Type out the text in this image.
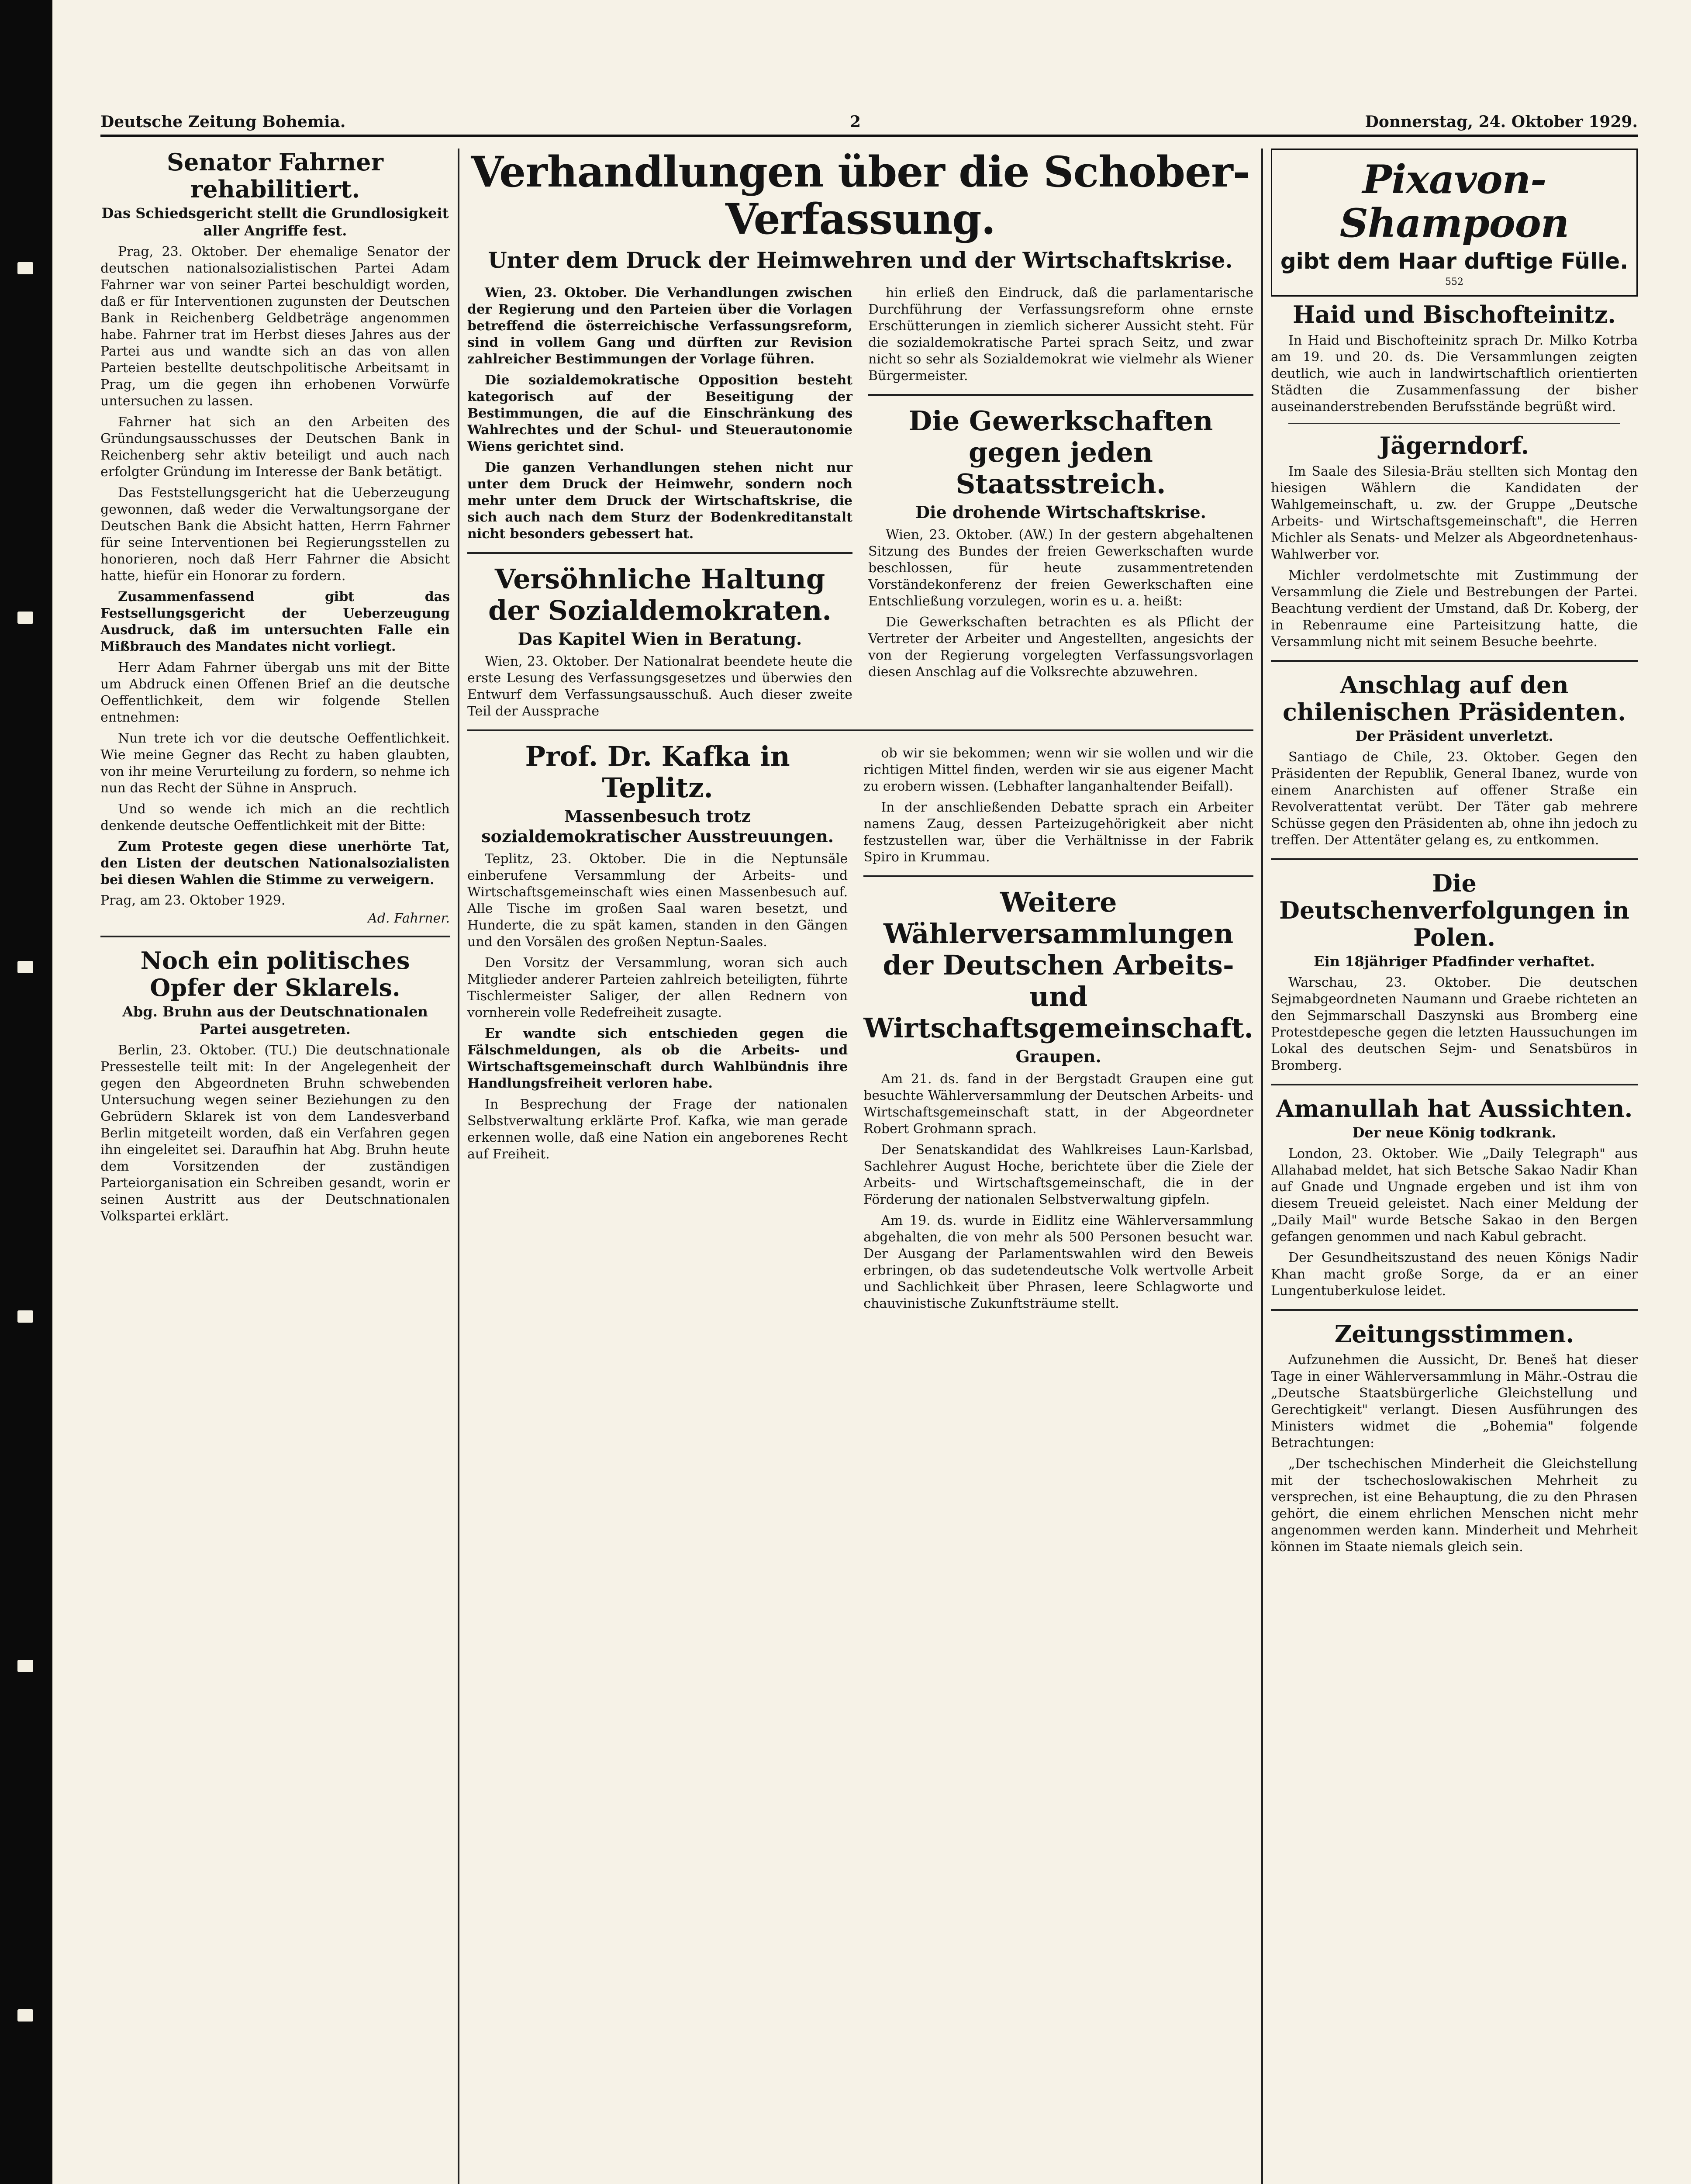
Deutsche Zeitung Bohemia.	2	Donnerstag, 24. Oktober 1929.
Senator Fahrner rehabilitiert.
Das Schiedsgericht stellt die Grundlosigkeit aller Angriffe fest.

Prag, 23. Oktober. Der ehemalige Senator der deutschen nationalsozialistischen Partei Adam Fahrner war von seiner Partei beschuldigt worden, daß er für Interventionen zugunsten der Deutschen Bank in Reichenberg Geldbeträge angenommen habe. Fahrner trat im Herbst dieses Jahres aus der Partei aus und wandte sich an das von allen Parteien bestellte deutschpolitische Arbeitsamt in Prag, um die gegen ihn erhobenen Vorwürfe untersuchen zu lassen.

Fahrner hat sich an den Arbeiten des Gründungsausschusses der Deutschen Bank in Reichenberg sehr aktiv beteiligt und auch nach erfolgter Gründung im Interesse der Bank betätigt.

Das Feststellungsgericht hat die Ueberzeugung gewonnen, daß weder die Verwaltungsorgane der Deutschen Bank die Absicht hatten, Herrn Fahrner für seine Interventionen bei Regierungsstellen zu honorieren, noch daß Herr Fahrner die Absicht hatte, hiefür ein Honorar zu fordern.

Zusammenfassend gibt das Festsellungsgericht der Ueberzeugung Ausdruck, daß im untersuchten Falle ein Mißbrauch des Mandates nicht vorliegt.

Herr Adam Fahrner übergab uns mit der Bitte um Abdruck einen Offenen Brief an die deutsche Oeffentlichkeit, dem wir folgende Stellen entnehmen:

Nun trete ich vor die deutsche Oeffentlichkeit. Wie meine Gegner das Recht zu haben glaubten, von ihr meine Verurteilung zu fordern, so nehme ich nun das Recht der Sühne in Anspruch.

Und so wende ich mich an die rechtlich denkende deutsche Oeffentlichkeit mit der Bitte:

Zum Proteste gegen diese unerhörte Tat, den Listen der deutschen Nationalsozialisten bei diesen Wahlen die Stimme zu verweigern.

Prag, am 23. Oktober 1929.
Ad. Fahrner.
Noch ein politisches Opfer der Sklarels.
Abg. Bruhn aus der Deutschnationalen Partei ausgetreten.

Berlin, 23. Oktober. (TU.) Die deutschnationale Pressestelle teilt mit: In der Angelegenheit der gegen den Abgeordneten Bruhn schwebenden Untersuchung wegen seiner Beziehungen zu den Gebrüdern Sklarek ist von dem Landesverband Berlin mitgeteilt worden, daß ein Verfahren gegen ihn eingeleitet sei. Daraufhin hat Abg. Bruhn heute dem Vorsitzenden der zuständigen Parteiorganisation ein Schreiben gesandt, worin er seinen Austritt aus der Deutschnationalen Volkspartei erklärt.

Verhandlungen über die Schober-Verfassung.
Unter dem Druck der Heimwehren und der Wirtschaftskrise.

Wien, 23. Oktober. Die Verhandlungen zwischen der Regierung und den Parteien über die Vorlagen betreffend die österreichische Verfassungsreform, sind in vollem Gang und dürften zur Revision zahlreicher Bestimmungen der Vorlage führen.

Die sozialdemokratische Opposition besteht kategorisch auf der Beseitigung der Bestimmungen, die auf die Einschränkung des Wahlrechtes und der Schul- und Steuerautonomie Wiens gerichtet sind.

Die ganzen Verhandlungen stehen nicht nur unter dem Druck der Heimwehr, sondern noch mehr unter dem Druck der Wirtschaftskrise, die sich auch nach dem Sturz der Bodenkreditanstalt nicht besonders gebessert hat.

Versöhnliche Haltung der Sozialdemokraten.
Das Kapitel Wien in Beratung.

Wien, 23. Oktober. Der Nationalrat beendete heute die erste Lesung des Verfassungsgesetzes und überwies den Entwurf dem Verfassungsausschuß. Auch dieser zweite Teil der Aussprache

hin erließ den Eindruck, daß die parlamentarische Durchführung der Verfassungsreform ohne ernste Erschütterungen in ziemlich sicherer Aussicht steht. Für die sozialdemokratische Partei sprach Seitz, und zwar nicht so sehr als Sozialdemokrat wie vielmehr als Wiener Bürgermeister.

Die Gewerkschaften gegen jeden Staatsstreich.
Die drohende Wirtschaftskrise.

Wien, 23. Oktober. (AW.) In der gestern abgehaltenen Sitzung des Bundes der freien Gewerkschaften wurde beschlossen, für heute zusammentretenden Vorständekonferenz der freien Gewerkschaften eine Entschließung vorzulegen, worin es u. a. heißt:

Die Gewerkschaften betrachten es als Pflicht der Vertreter der Arbeiter und Angestellten, angesichts der von der Regierung vorgelegten Verfassungsvorlagen diesen Anschlag auf die Volksrechte abzuwehren.

Prof. Dr. Kafka in Teplitz.
Massenbesuch trotz sozialdemokratischer Ausstreuungen.

Teplitz, 23. Oktober. Die in die Neptunsäle einberufene Versammlung der Arbeits- und Wirtschaftsgemeinschaft wies einen Massenbesuch auf. Alle Tische im großen Saal waren besetzt, und Hunderte, die zu spät kamen, standen in den Gängen und den Vorsälen des großen Neptun-Saales.

Den Vorsitz der Versammlung, woran sich auch Mitglieder anderer Parteien zahlreich beteiligten, führte Tischlermeister Saliger, der allen Rednern von vornherein volle Redefreiheit zusagte.

Er wandte sich entschieden gegen die Fälschmeldungen, als ob die Arbeits- und Wirtschaftsgemeinschaft durch Wahlbündnis ihre Handlungsfreiheit verloren habe.

In Besprechung der Frage der nationalen Selbstverwaltung erklärte Prof. Kafka, wie man gerade erkennen wolle, daß eine Nation ein angeborenes Recht auf Freiheit.

ob wir sie bekommen; wenn wir sie wollen und wir die richtigen Mittel finden, werden wir sie aus eigener Macht zu erobern wissen. (Lebhafter langanhaltender Beifall).

In der anschließenden Debatte sprach ein Arbeiter namens Zaug, dessen Parteizugehörigkeit aber nicht festzustellen war, über die Verhältnisse in der Fabrik Spiro in Krummau.

Weitere Wählerversammlungen der Deutschen Arbeits- und Wirtschaftsgemeinschaft.
Graupen.

Am 21. ds. fand in der Bergstadt Graupen eine gut besuchte Wählerversammlung der Deutschen Arbeits- und Wirtschaftsgemeinschaft statt, in der Abgeordneter Robert Grohmann sprach.

Der Senatskandidat des Wahlkreises Laun-Karlsbad, Sachlehrer August Hoche, berichtete über die Ziele der Arbeits- und Wirtschaftsgemeinschaft, die in der Förderung der nationalen Selbstverwaltung gipfeln.

Am 19. ds. wurde in Eidlitz eine Wählerversammlung abgehalten, die von mehr als 500 Personen besucht war. Der Ausgang der Parlamentswahlen wird den Beweis erbringen, ob das sudetendeutsche Volk wertvolle Arbeit und Sachlichkeit über Phrasen, leere Schlagworte und chauvinistische Zukunftsträume stellt.

Pixavon-Shampoon
gibt dem Haar duftige Fülle.
552
Haid und Bischofteinitz.

In Haid und Bischofteinitz sprach Dr. Milko Kotrba am 19. und 20. ds. Die Versammlungen zeigten deutlich, wie auch in landwirtschaftlich orientierten Städten die Zusammenfassung der bisher auseinanderstrebenden Berufsstände begrüßt wird.

Jägerndorf.

Im Saale des Silesia-Bräu stellten sich Montag den hiesigen Wählern die Kandidaten der Wahlgemeinschaft, u. zw. der Gruppe „Deutsche Arbeits- und Wirtschaftsgemeinschaft", die Herren Michler als Senats- und Melzer als Abgeordnetenhaus-Wahlwerber vor.

Michler verdolmetschte mit Zustimmung der Versammlung die Ziele und Bestrebungen der Partei. Beachtung verdient der Umstand, daß Dr. Koberg, der in Rebenraume eine Parteisitzung hatte, die Versammlung nicht mit seinem Besuche beehrte.

Anschlag auf den chilenischen Präsidenten.
Der Präsident unverletzt.

Santiago de Chile, 23. Oktober. Gegen den Präsidenten der Republik, General Ibanez, wurde von einem Anarchisten auf offener Straße ein Revolverattentat verübt. Der Täter gab mehrere Schüsse gegen den Präsidenten ab, ohne ihn jedoch zu treffen. Der Attentäter gelang es, zu entkommen.

Die Deutschenverfolgungen in Polen.
Ein 18jähriger Pfadfinder verhaftet.

Warschau, 23. Oktober. Die deutschen Sejmabgeordneten Naumann und Graebe richteten an den Sejmmarschall Daszynski aus Bromberg eine Protestdepesche gegen die letzten Haussuchungen im Lokal des deutschen Sejm- und Senatsbüros in Bromberg.

Amanullah hat Aussichten.
Der neue König todkrank.

London, 23. Oktober. Wie „Daily Telegraph" aus Allahabad meldet, hat sich Betsche Sakao Nadir Khan auf Gnade und Ungnade ergeben und ist ihm von diesem Treueid geleistet. Nach einer Meldung der „Daily Mail" wurde Betsche Sakao in den Bergen gefangen genommen und nach Kabul gebracht.

Der Gesundheitszustand des neuen Königs Nadir Khan macht große Sorge, da er an einer Lungentuberkulose leidet.

Zeitungsstimmen.

Aufzunehmen die Aussicht, Dr. Beneš hat dieser Tage in einer Wählerversammlung in Mähr.-Ostrau die „Deutsche Staatsbürgerliche Gleichstellung und Gerechtigkeit" verlangt. Diesen Ausführungen des Ministers widmet die „Bohemia" folgende Betrachtungen:

„Der tschechischen Minderheit die Gleichstellung mit der tschechoslowakischen Mehrheit zu versprechen, ist eine Behauptung, die zu den Phrasen gehört, die einem ehrlichen Menschen nicht mehr angenommen werden kann. Minderheit und Mehrheit können im Staate niemals gleich sein.
